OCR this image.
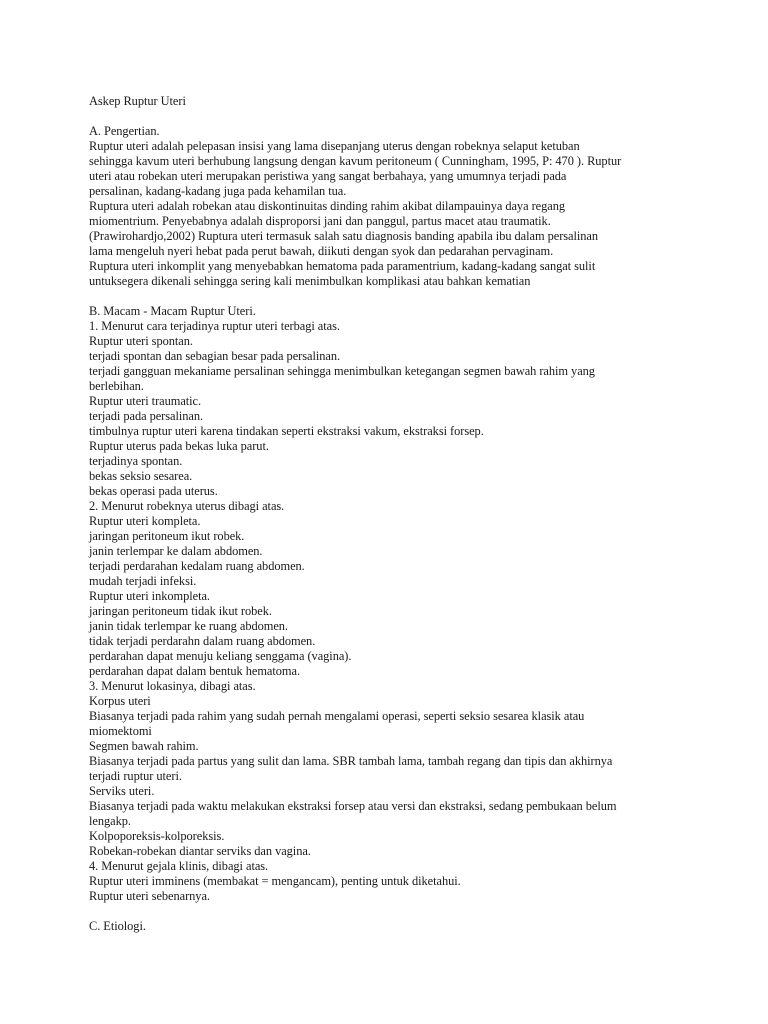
Askep Ruptur Uteri

A. Pengertian.

Ruptur uteri adalah pelepasan insisi yang lama disepanjang uterus dengan robeknya selaput ketuban
sehingga kavum uteri berhubung langsung dengan kavum peritoneum ( Cunningham, 1995, P: 470 ). Ruptur
uteri atau robekan uteri merupakan peristiwa yang sangat berbahaya, yang umumnya terjadi pada
persalinan, kadang-kadang juga pada kehamilan tua.
Ruptura uteri adalah robekan atau diskontinuitas dinding rahim akibat dilampauinya daya regang
miomentrium. Penyebabnya adalah disproporsi jani dan panggul, partus macet atau traumatik.
(Prawirohardjo,2002) Ruptura uteri termasuk salah satu diagnosis banding apabila ibu dalam persalinan
lama mengeluh nyeri hebat pada perut bawah, diikuti dengan syok dan pedarahan pervaginam.
Ruptura uteri inkomplit yang menyebabkan hematoma pada paramentrium, kadang-kadang sangat sulit
untuksegera dikenali sehingga sering kali menimbulkan komplikasi atau bahkan kematian

B. Macam - Macam Ruptur Uteri.

1. Menurut cara terjadinya ruptur uteri terbagi atas.
Ruptur uteri spontan.
terjadi spontan dan sebagian besar pada persalinan.
terjadi gangguan mekaniame persalinan sehingga menimbulkan ketegangan segmen bawah rahim yang
berlebihan.
Ruptur uteri traumatic.
terjadi pada persalinan.
timbulnya ruptur uteri karena tindakan seperti ekstraksi vakum, ekstraksi forsep.
Ruptur uterus pada bekas luka parut.
terjadinya spontan.
bekas seksio sesarea.
bekas operasi pada uterus.
2. Menurut robeknya uterus dibagi atas.
Ruptur uteri kompleta.
jaringan peritoneum ikut robek.
janin terlempar ke dalam abdomen.
terjadi perdarahan kedalam ruang abdomen.
mudah terjadi infeksi.
Ruptur uteri inkompleta.
jaringan peritoneum tidak ikut robek.
janin tidak terlempar ke ruang abdomen.
tidak terjadi perdarahn dalam ruang abdomen.
perdarahan dapat menuju keliang senggama (vagina).
perdarahan dapat dalam bentuk hematoma.
3. Menurut lokasinya, dibagi atas.
Korpus uteri
Biasanya terjadi pada rahim yang sudah pernah mengalami operasi, seperti seksio sesarea klasik atau
miomektomi
Segmen bawah rahim.
Biasanya terjadi pada partus yang sulit dan lama. SBR tambah lama, tambah regang dan tipis dan akhirnya
terjadi ruptur uteri.
Serviks uteri.
Biasanya terjadi pada waktu melakukan ekstraksi forsep atau versi dan ekstraksi, sedang pembukaan belum
lengakp.
Kolpoporeksis-kolporeksis.
Robekan-robekan diantar serviks dan vagina.
4. Menurut gejala klinis, dibagi atas.
Ruptur uteri imminens (membakat = mengancam), penting untuk diketahui.
Ruptur uteri sebenarnya.

C. Etiologi.
